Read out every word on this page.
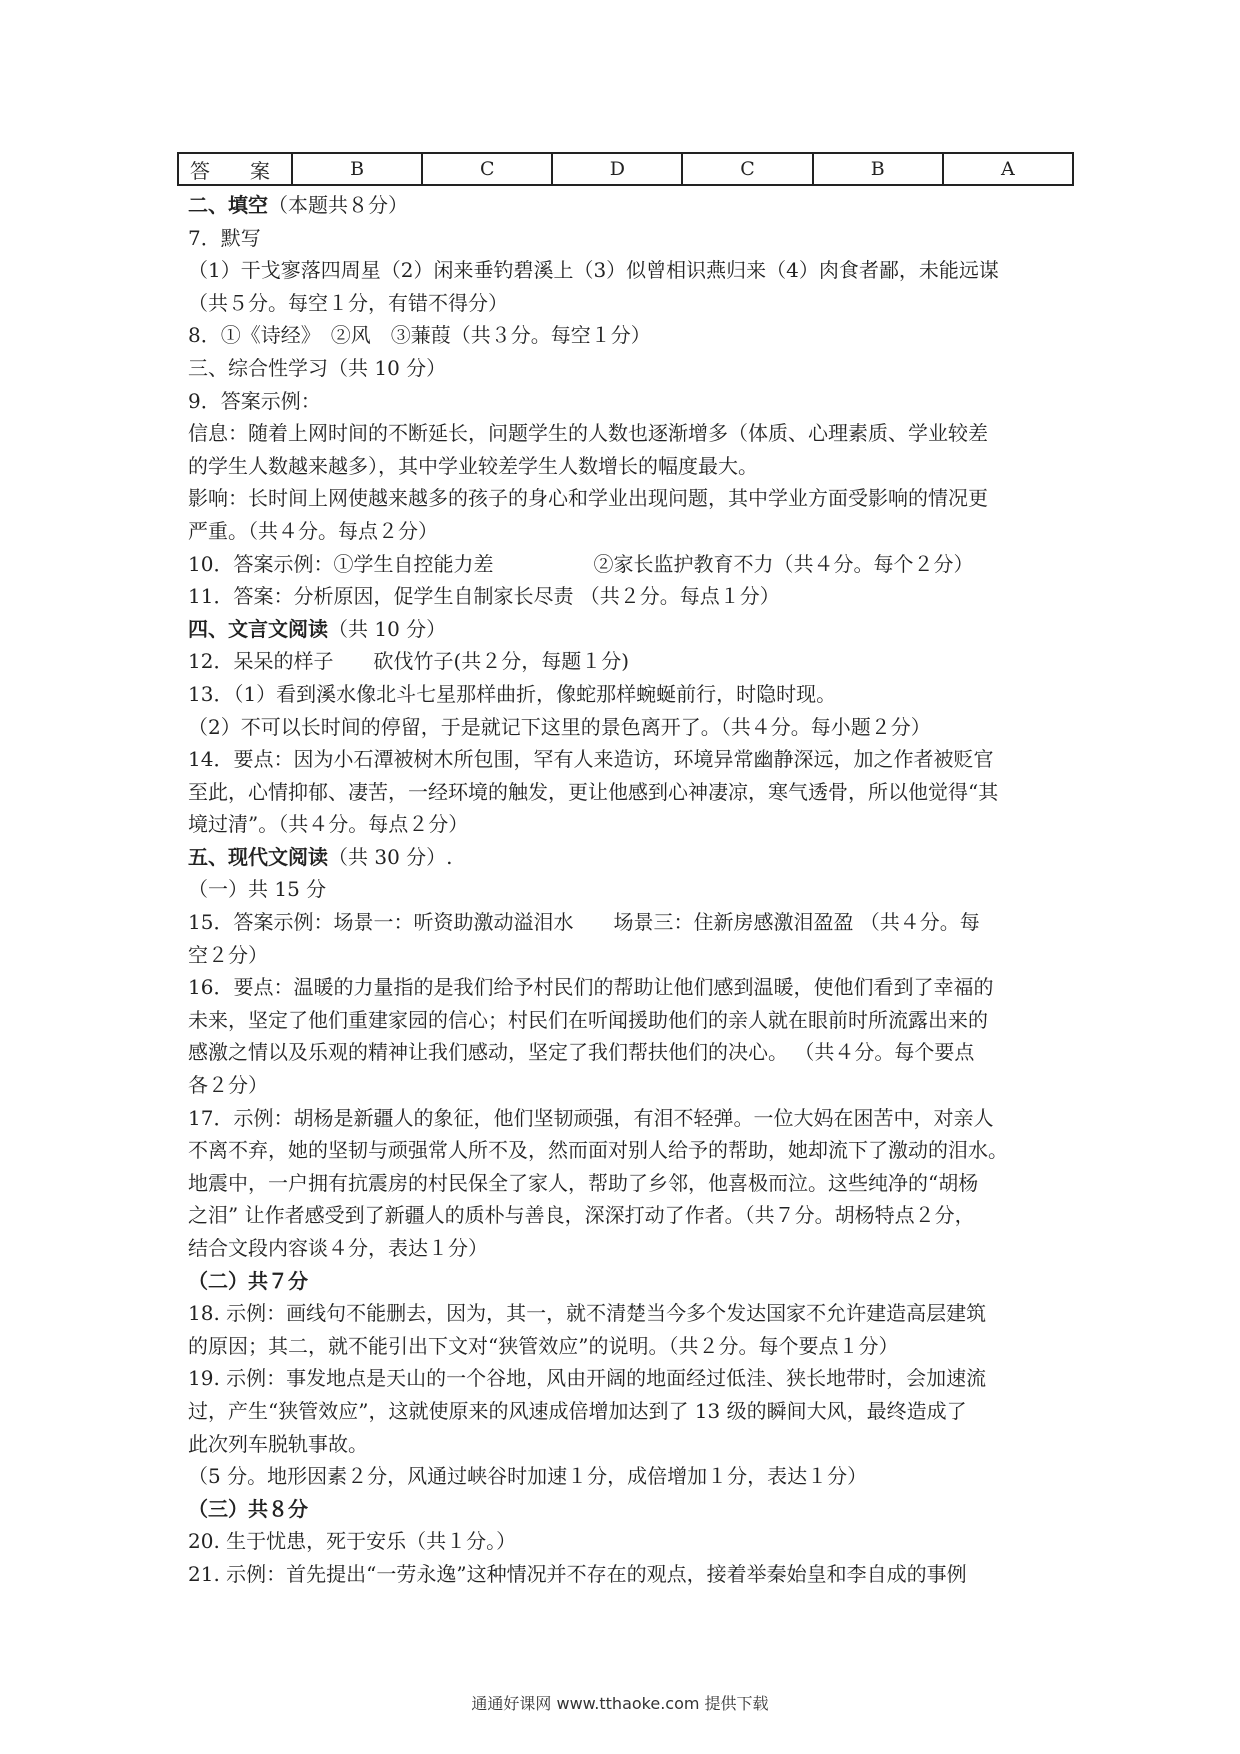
答　案	B	C	D	C	B	A
二、填空（本题共８分）
7．默写
（1）干戈寥落四周星（2）闲来垂钓碧溪上（3）似曾相识燕归来（4）肉食者鄙，未能远谋
（共５分。每空１分，有错不得分）
8．①《诗经》　②风　③蒹葭（共３分。每空１分）
三、综合性学习（共 10 分）
9．答案示例：
信息：随着上网时间的不断延长，问题学生的人数也逐渐增多（体质、心理素质、学业较差
的学生人数越来越多），其中学业较差学生人数增长的幅度最大。
影响：长时间上网使越来越多的孩子的身心和学业出现问题，其中学业方面受影响的情况更
严重。（共４分。每点２分）
10．答案示例：①学生自控能力差　　　　　②家长监护教育不力（共４分。每个２分）
11．答案：分析原因，促学生自制家长尽责 （共２分。每点１分）
四、文言文阅读（共 10 分）
12．呆呆的样子　　砍伐竹子(共２分，每题１分)
13．（1）看到溪水像北斗七星那样曲折，像蛇那样蜿蜒前行，时隐时现。
（2）不可以长时间的停留，于是就记下这里的景色离开了。（共４分。每小题２分）
14．要点：因为小石潭被树木所包围，罕有人来造访，环境异常幽静深远，加之作者被贬官
至此，心情抑郁、凄苦，一经环境的触发，更让他感到心神凄凉，寒气透骨，所以他觉得“其
境过清”。（共４分。每点２分）
五、现代文阅读（共 30 分）.
（一）共 15 分
15．答案示例：场景一：听资助激动溢泪水　　场景三：住新房感激泪盈盈 （共４分。每
空２分）
16．要点：温暖的力量指的是我们给予村民们的帮助让他们感到温暖，使他们看到了幸福的
未来，坚定了他们重建家园的信心；村民们在听闻援助他们的亲人就在眼前时所流露出来的
感激之情以及乐观的精神让我们感动，坚定了我们帮扶他们的决心。 （共４分。每个要点
各２分）
17．示例：胡杨是新疆人的象征，他们坚韧顽强，有泪不轻弹。一位大妈在困苦中，对亲人
不离不弃，她的坚韧与顽强常人所不及，然而面对别人给予的帮助，她却流下了激动的泪水。
地震中，一户拥有抗震房的村民保全了家人，帮助了乡邻，他喜极而泣。这些纯净的“胡杨
之泪” 让作者感受到了新疆人的质朴与善良，深深打动了作者。（共７分。胡杨特点２分，
结合文段内容谈４分，表达１分）
（二）共７分
18. 示例：画线句不能删去，因为，其一，就不清楚当今多个发达国家不允许建造高层建筑
的原因；其二，就不能引出下文对“狭管效应”的说明。（共２分。每个要点１分）
19. 示例：事发地点是天山的一个谷地，风由开阔的地面经过低洼、狭长地带时，会加速流
过，产生“狭管效应”，这就使原来的风速成倍增加达到了 13 级的瞬间大风，最终造成了
此次列车脱轨事故。
（5 分。地形因素２分，风通过峡谷时加速１分，成倍增加１分，表达１分）
（三）共８分
20. 生于忧患，死于安乐（共１分。）
21. 示例：首先提出“一劳永逸”这种情况并不存在的观点，接着举秦始皇和李自成的事例
通通好课网 www.tthaoke.com 提供下载
